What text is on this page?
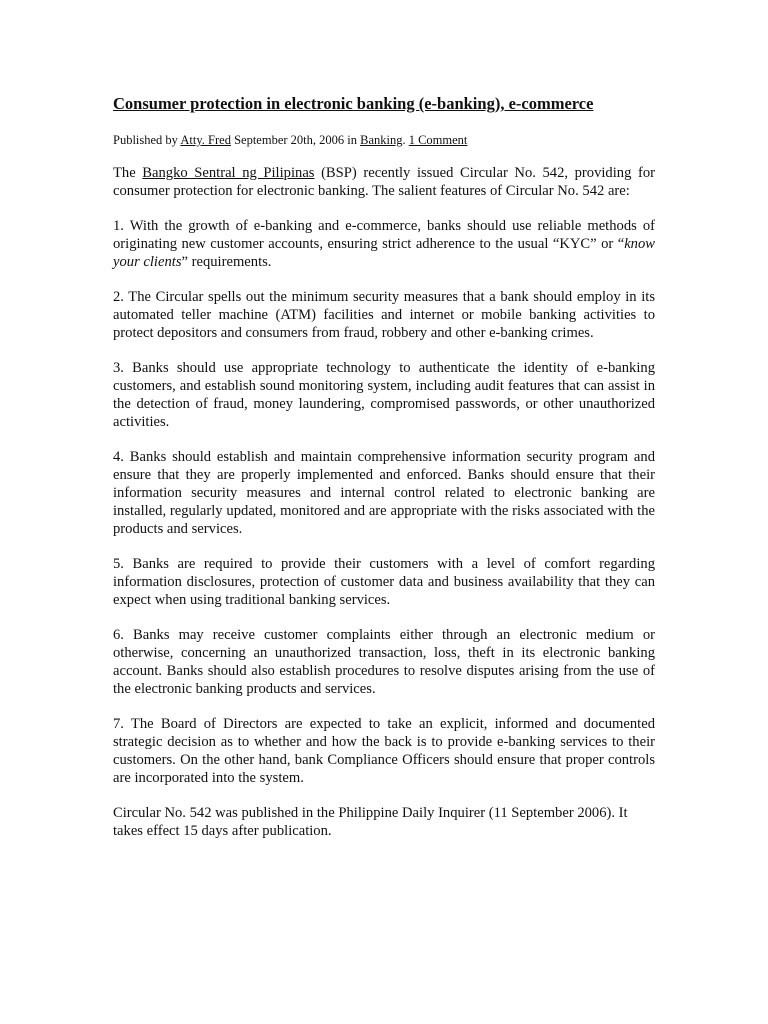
Consumer protection in electronic banking (e-banking), e-commerce
Published by Atty. Fred September 20th, 2006 in Banking. 1 Comment

The Bangko Sentral ng Pilipinas (BSP) recently issued Circular No. 542, providing for consumer protection for electronic banking. The salient features of Circular No. 542 are:

1. With the growth of e-banking and e-commerce, banks should use reliable methods of originating new customer accounts, ensuring strict adherence to the usual “KYC” or “know your clients” requirements.

2. The Circular spells out the minimum security measures that a bank should employ in its automated teller machine (ATM) facilities and internet or mobile banking activities to protect depositors and consumers from fraud, robbery and other e-banking crimes.

3. Banks should use appropriate technology to authenticate the identity of e-banking customers, and establish sound monitoring system, including audit features that can assist in the detection of fraud, money laundering, compromised passwords, or other unauthorized activities.

4. Banks should establish and maintain comprehensive information security program and ensure that they are properly implemented and enforced. Banks should ensure that their information security measures and internal control related to electronic banking are installed, regularly updated, monitored and are appropriate with the risks associated with the products and services.

5. Banks are required to provide their customers with a level of comfort regarding information disclosures, protection of customer data and business availability that they can expect when using traditional banking services.

6. Banks may receive customer complaints either through an electronic medium or otherwise, concerning an unauthorized transaction, loss, theft in its electronic banking account. Banks should also establish procedures to resolve disputes arising from the use of the electronic banking products and services.

7. The Board of Directors are expected to take an explicit, informed and documented strategic decision as to whether and how the back is to provide e-banking services to their customers. On the other hand, bank Compliance Officers should ensure that proper controls are incorporated into the system.

Circular No. 542 was published in the Philippine Daily Inquirer (11 September 2006). It takes effect 15 days after publication.
